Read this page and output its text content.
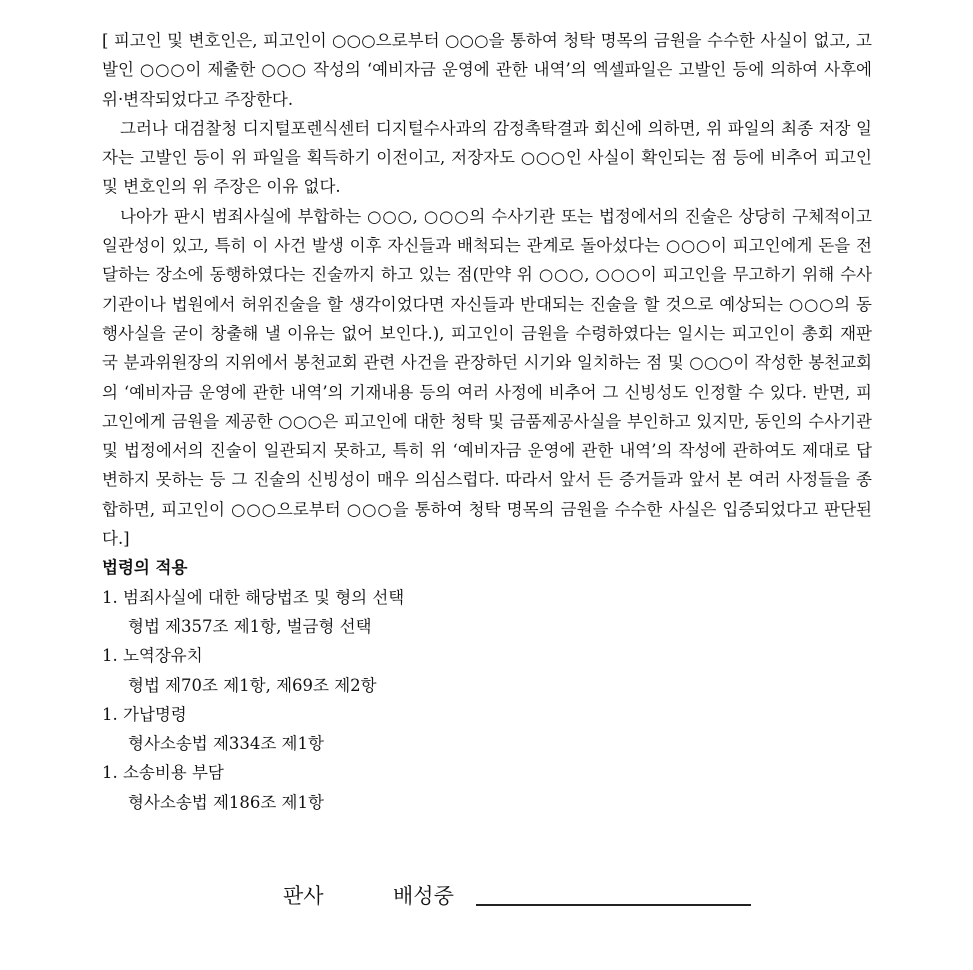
[ 피고인 및 변호인은, 피고인이 ○○○으로부터 ○○○을 통하여 청탁 명목의 금원을 수수한 사실이 없고, 고발인 ○○○이 제출한 ○○○ 작성의 ‘예비자금 운영에 관한 내역’의 엑셀파일은 고발인 등에 의하여 사후에 위·변작되었다고 주장한다.

그러나 대검찰청 디지털포렌식센터 디지털수사과의 감정촉탁결과 회신에 의하면, 위 파일의 최종 저장 일자는 고발인 등이 위 파일을 획득하기 이전이고, 저장자도 ○○○인 사실이 확인되는 점 등에 비추어 피고인 및 변호인의 위 주장은 이유 없다.

나아가 판시 범죄사실에 부합하는 ○○○, ○○○의 수사기관 또는 법정에서의 진술은 상당히 구체적이고 일관성이 있고, 특히 이 사건 발생 이후 자신들과 배척되는 관계로 돌아섰다는 ○○○이 피고인에게 돈을 전달하는 장소에 동행하였다는 진술까지 하고 있는 점(만약 위 ○○○, ○○○이 피고인을 무고하기 위해 수사기관이나 법원에서 허위진술을 할 생각이었다면 자신들과 반대되는 진술을 할 것으로 예상되는 ○○○의 동행사실을 굳이 창출해 낼 이유는 없어 보인다.), 피고인이 금원을 수령하였다는 일시는 피고인이 총회 재판국 분과위원장의 지위에서 봉천교회 관련 사건을 관장하던 시기와 일치하는 점 및 ○○○이 작성한 봉천교회의 ‘예비자금 운영에 관한 내역’의 기재내용 등의 여러 사정에 비추어 그 신빙성도 인정할 수 있다. 반면, 피고인에게 금원을 제공한 ○○○은 피고인에 대한 청탁 및 금품제공사실을 부인하고 있지만, 동인의 수사기관 및 법정에서의 진술이 일관되지 못하고, 특히 위 ‘예비자금 운영에 관한 내역’의 작성에 관하여도 제대로 답변하지 못하는 등 그 진술의 신빙성이 매우 의심스럽다. 따라서 앞서 든 증거들과 앞서 본 여러 사정들을 종합하면, 피고인이 ○○○으로부터 ○○○을 통하여 청탁 명목의 금원을 수수한 사실은 입증되었다고 판단된다.]

법령의 적용
1. 범죄사실에 대한 해당법조 및 형의 선택
형법 제357조 제1항, 벌금형 선택
1. 노역장유치
형법 제70조 제1항, 제69조 제2항
1. 가납명령
형사소송법 제334조 제1항
1. 소송비용 부담
형사소송법 제186조 제1항
판사	배성중
